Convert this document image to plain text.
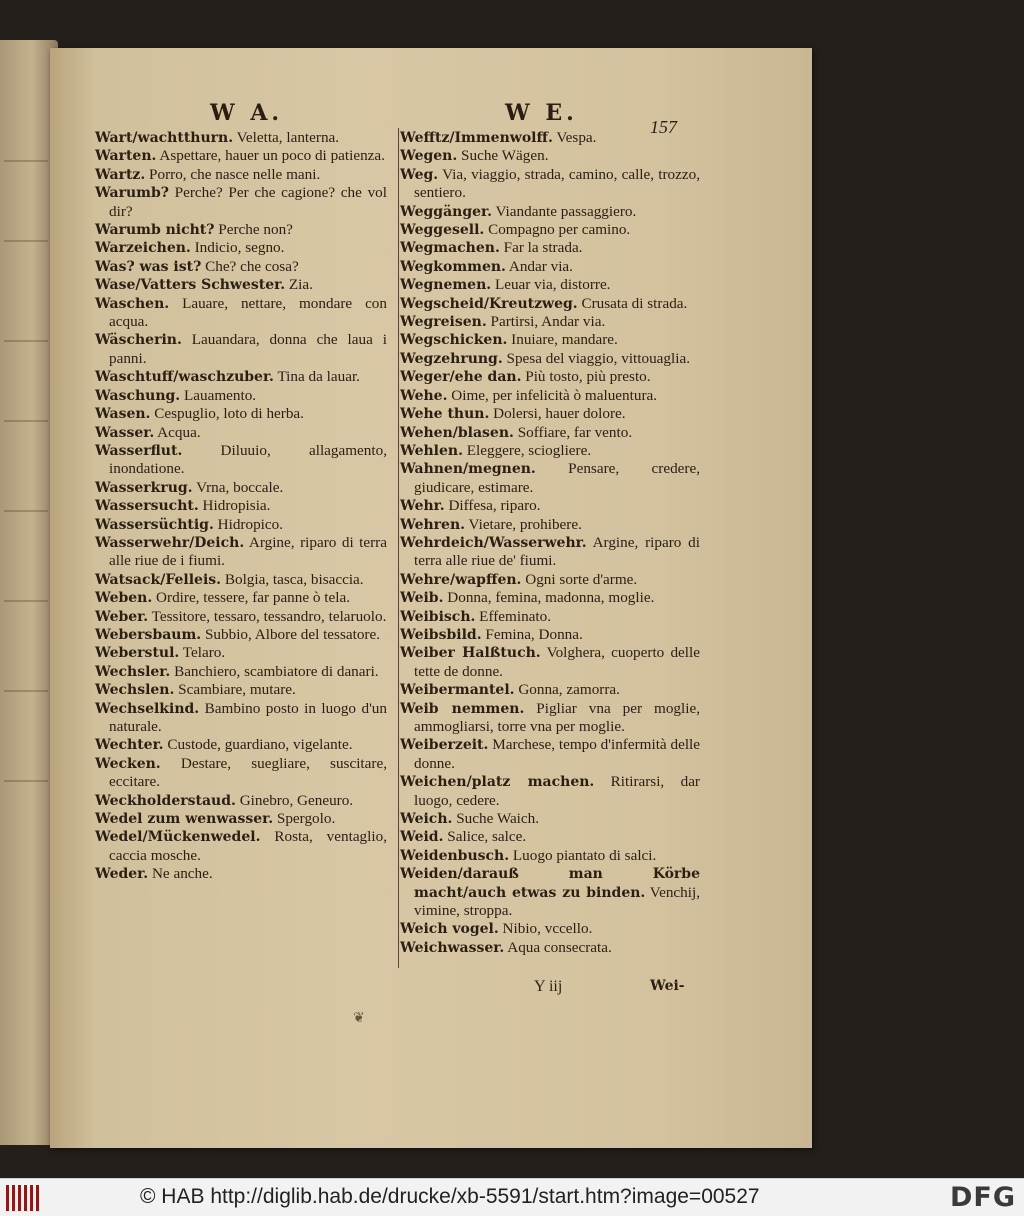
W A.	W E.
157

Wart/wachtthurn. Veletta, lanterna.

Warten. Aspettare, hauer un poco di patienza.

Wartz. Porro, che nasce nelle mani.

Warumb? Perche? Per che cagione? che vol dir?

Warumb nicht? Perche non?

Warzeichen. Indicio, segno.

Was? was ist? Che? che cosa?

Wase/Vatters Schwester. Zia.

Waschen. Lauare, nettare, mondare con acqua.

Wäscherin. Lauandara, donna che laua i panni.

Waschtuff/waschzuber. Tina da lauar.

Waschung. Lauamento.

Wasen. Cespuglio, loto di herba.

Wasser. Acqua.

Wasserflut. Diluuio, allagamento, inondatione.

Wasserkrug. Vrna, boccale.

Wassersucht. Hidropisia.

Wassersüchtig. Hidropico.

Wasserwehr/Deich. Argine, riparo di terra alle riue de i fiumi.

Watsack/Felleis. Bolgia, tasca, bisaccia.

Weben. Ordire, tessere, far panne ò tela.

Weber. Tessitore, tessaro, tessandro, telaruolo.

Webersbaum. Subbio, Albore del tessatore.

Weberstul. Telaro.

Wechsler. Banchiero, scambiatore di danari.

Wechslen. Scambiare, mutare.

Wechselkind. Bambino posto in luogo d'un naturale.

Wechter. Custode, guardiano, vigelante.

Wecken. Destare, suegliare, suscitare, eccitare.

Weckholderstaud. Ginebro, Geneuro.

Wedel zum wenwasser. Spergolo.

Wedel/Mückenwedel. Rosta, ventaglio, caccia mosche.

Weder. Ne anche.

Wefftz/Immenwolff. Vespa.

Wegen. Suche Wägen.

Weg. Via, viaggio, strada, camino, calle, trozzo, sentiero.

Weggänger. Viandante passaggiero.

Weggesell. Compagno per camino.

Wegmachen. Far la strada.

Wegkommen. Andar via.

Wegnemen. Leuar via, distorre.

Wegscheid/Kreutzweg. Crusata di strada.

Wegreisen. Partirsi, Andar via.

Wegschicken. Inuiare, mandare.

Wegzehrung. Spesa del viaggio, vittouaglia.

Weger/ehe dan. Più tosto, più presto.

Wehe. Oime, per infelicità ò maluentura.

Wehe thun. Dolersi, hauer dolore.

Wehen/blasen. Soffiare, far vento.

Wehlen. Eleggere, sciogliere.

Wahnen/megnen. Pensare, credere, giudicare, estimare.

Wehr. Diffesa, riparo.

Wehren. Vietare, prohibere.

Wehrdeich/Wasserwehr. Argine, riparo di terra alle riue de' fiumi.

Wehre/wapffen. Ogni sorte d'arme.

Weib. Donna, femina, madonna, moglie.

Weibisch. Effeminato.

Weibsbild. Femina, Donna.

Weiber Halßtuch. Volghera, cuoperto delle tette de donne.

Weibermantel. Gonna, zamorra.

Weib nemmen. Pigliar vna per moglie, ammogliarsi, torre vna per moglie.

Weiberzeit. Marchese, tempo d'infermità delle donne.

Weichen/platz machen. Ritirarsi, dar luogo, cedere.

Weich. Suche Waich.

Weid. Salice, salce.

Weidenbusch. Luogo piantato di salci.

Weiden/darauß man Körbe macht/auch etwas zu binden. Venchij, vimine, stroppa.

Weich vogel. Nibio, vccello.

Weichwasser. Aqua consecrata.

Y iij	Wei-
❦
© HAB http://diglib.hab.de/drucke/xb-5591/start.htm?image=00527	DFG
